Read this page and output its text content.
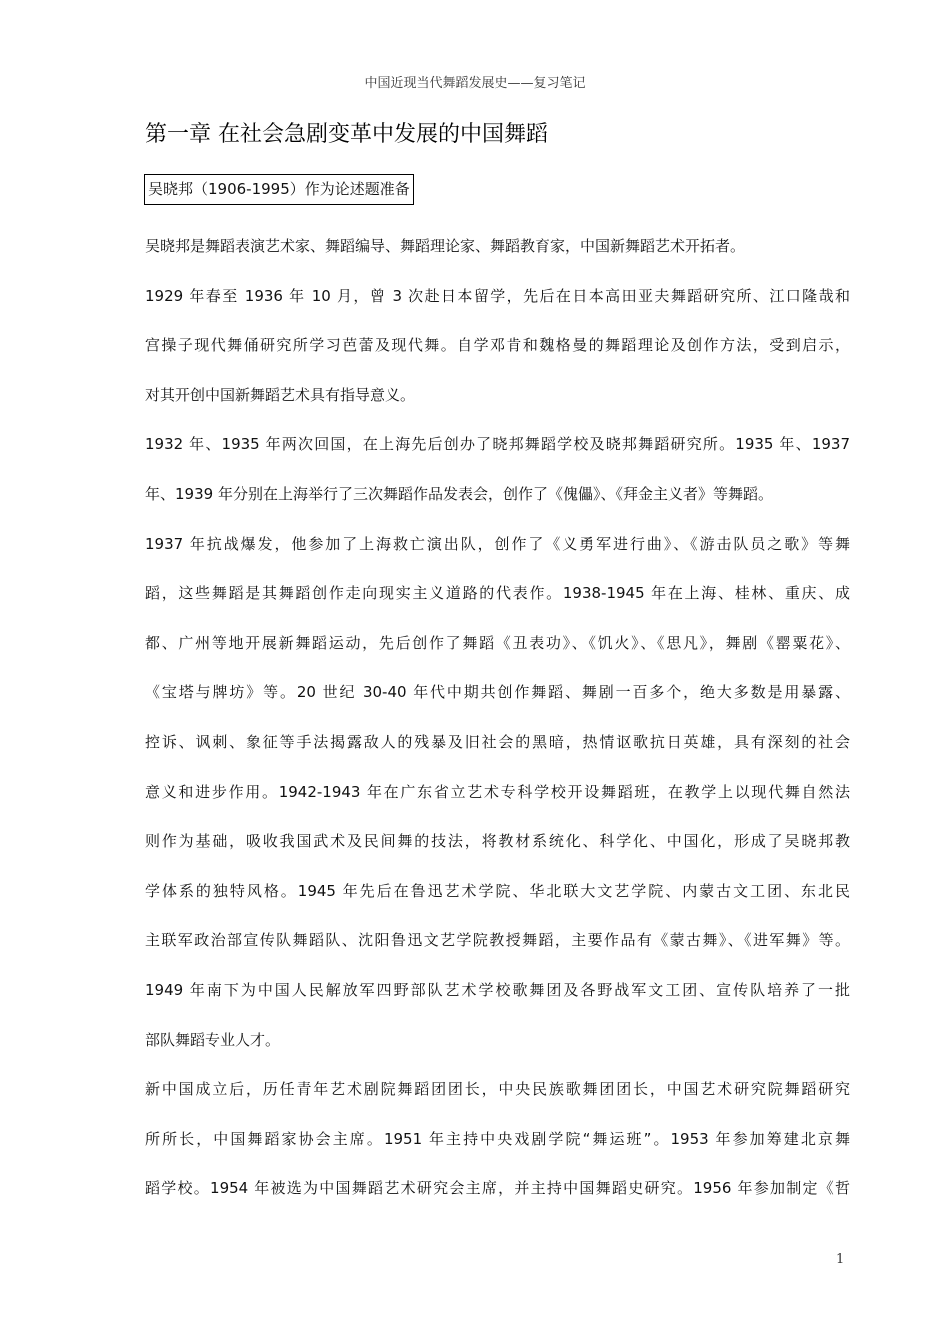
中国近现当代舞蹈发展史——复习笔记
第一章 在社会急剧变革中发展的中国舞蹈
吴晓邦（1906-1995）作为论述题准备
吴晓邦是舞蹈表演艺术家、舞蹈编导、舞蹈理论家、舞蹈教育家，中国新舞蹈艺术开拓者。
1929 年春至 1936 年 10 月，曾 3 次赴日本留学，先后在日本高田亚夫舞蹈研究所、江口隆哉和
宫操子现代舞俑研究所学习芭蕾及现代舞。自学邓肯和魏格曼的舞蹈理论及创作方法，受到启示，
对其开创中国新舞蹈艺术具有指导意义。
1932 年、1935 年两次回国，在上海先后创办了晓邦舞蹈学校及晓邦舞蹈研究所。1935 年、1937
年、1939 年分别在上海举行了三次舞蹈作品发表会，创作了《傀儡》、《拜金主义者》等舞蹈。
1937 年抗战爆发，他参加了上海救亡演出队，创作了《义勇军进行曲》、《游击队员之歌》等舞
蹈，这些舞蹈是其舞蹈创作走向现实主义道路的代表作。1938-1945 年在上海、桂林、重庆、成
都、广州等地开展新舞蹈运动，先后创作了舞蹈《丑表功》、《饥火》、《思凡》，舞剧《罂粟花》、
《宝塔与牌坊》等。20 世纪 30-40 年代中期共创作舞蹈、舞剧一百多个，绝大多数是用暴露、
控诉、讽刺、象征等手法揭露敌人的残暴及旧社会的黑暗，热情讴歌抗日英雄，具有深刻的社会
意义和进步作用。1942-1943 年在广东省立艺术专科学校开设舞蹈班，在教学上以现代舞自然法
则作为基础，吸收我国武术及民间舞的技法，将教材系统化、科学化、中国化，形成了吴晓邦教
学体系的独特风格。1945 年先后在鲁迅艺术学院、华北联大文艺学院、内蒙古文工团、东北民
主联军政治部宣传队舞蹈队、沈阳鲁迅文艺学院教授舞蹈，主要作品有《蒙古舞》、《进军舞》等。
1949 年南下为中国人民解放军四野部队艺术学校歌舞团及各野战军文工团、宣传队培养了一批
部队舞蹈专业人才。
新中国成立后，历任青年艺术剧院舞蹈团团长，中央民族歌舞团团长，中国艺术研究院舞蹈研究
所所长，中国舞蹈家协会主席。1951 年主持中央戏剧学院“舞运班”。1953 年参加筹建北京舞
蹈学校。1954 年被选为中国舞蹈艺术研究会主席，并主持中国舞蹈史研究。1956 年参加制定《哲
1
